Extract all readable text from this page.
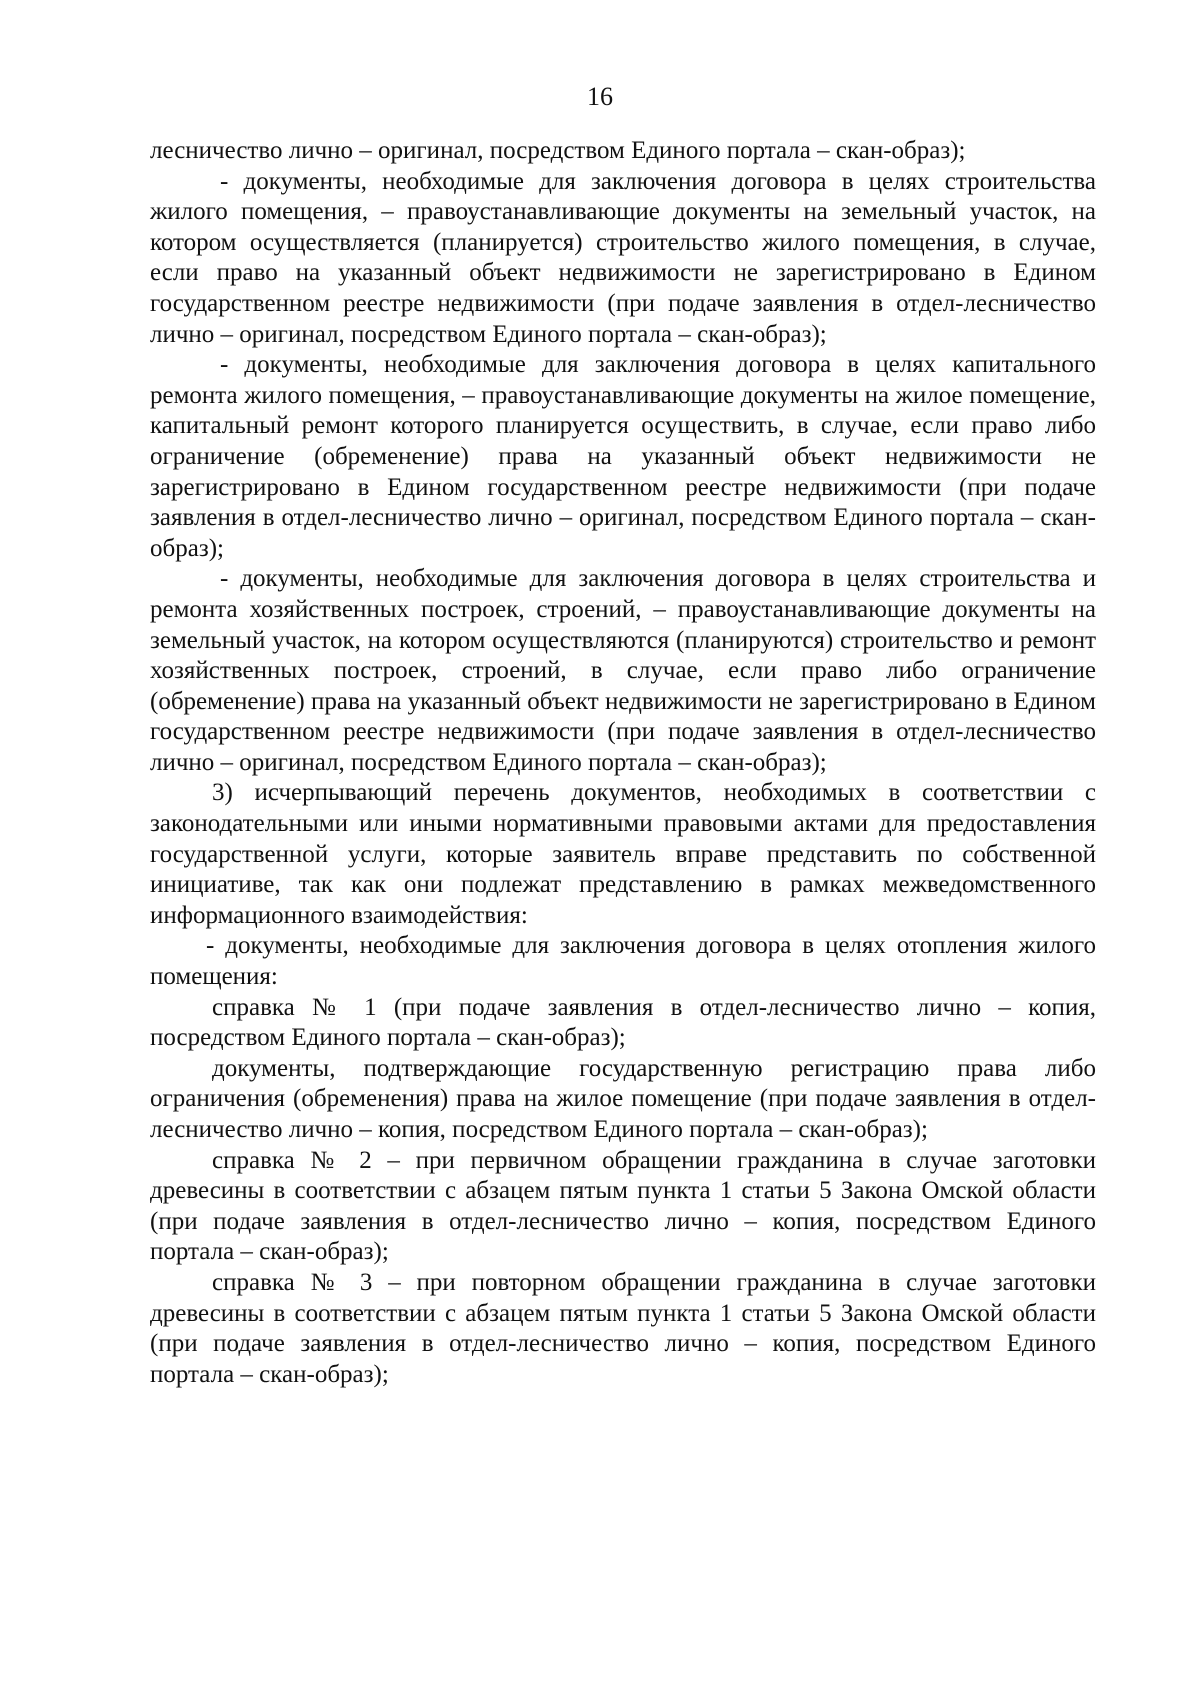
16

лесничество лично – оригинал, посредством Единого портала – скан-образ);

- документы, необходимые для заключения договора в целях строительства жилого помещения, – правоустанавливающие документы на земельный участок, на котором осуществляется (планируется) строительство жилого помещения, в случае, если право на указанный объект недвижимости не зарегистрировано в Едином государственном реестре недвижимости (при подаче заявления в отдел-лесничество лично – оригинал, посредством Единого портала – скан-образ);

- документы, необходимые для заключения договора в целях капитального ремонта жилого помещения, – правоустанавливающие документы на жилое помещение, капитальный ремонт которого планируется осуществить, в случае, если право либо ограничение (обременение) права на указанный объект недвижимости не зарегистрировано в Едином государственном реестре недвижимости (при подаче заявления в отдел-лесничество лично – оригинал, посредством Единого портала – скан-образ);

- документы, необходимые для заключения договора в целях строительства и ремонта хозяйственных построек, строений, – правоустанавливающие документы на земельный участок, на котором осуществляются (планируются) строительство и ремонт хозяйственных построек, строений, в случае, если право либо ограничение (обременение) права на указанный объект недвижимости не зарегистрировано в Едином государственном реестре недвижимости (при подаче заявления в отдел-лесничество лично – оригинал, посредством Единого портала – скан-образ);

3) исчерпывающий перечень документов, необходимых в соответствии с законодательными или иными нормативными правовыми актами для предоставления государственной услуги, которые заявитель вправе представить по собственной инициативе, так как они подлежат представлению в рамках межведомственного информационного взаимодействия:

- документы, необходимые для заключения договора в целях отопления жилого помещения:

справка № 1 (при подаче заявления в отдел-лесничество лично – копия, посредством Единого портала – скан-образ);

документы, подтверждающие государственную регистрацию права либо ограничения (обременения) права на жилое помещение (при подаче заявления в отдел-лесничество лично – копия, посредством Единого портала – скан-образ);

справка № 2 – при первичном обращении гражданина в случае заготовки древесины в соответствии с абзацем пятым пункта 1 статьи 5 Закона Омской области (при подаче заявления в отдел-лесничество лично – копия, посредством Единого портала – скан-образ);

справка № 3 – при повторном обращении гражданина в случае заготовки древесины в соответствии с абзацем пятым пункта 1 статьи 5 Закона Омской области (при подаче заявления в отдел-лесничество лично – копия, посредством Единого портала – скан-образ);
